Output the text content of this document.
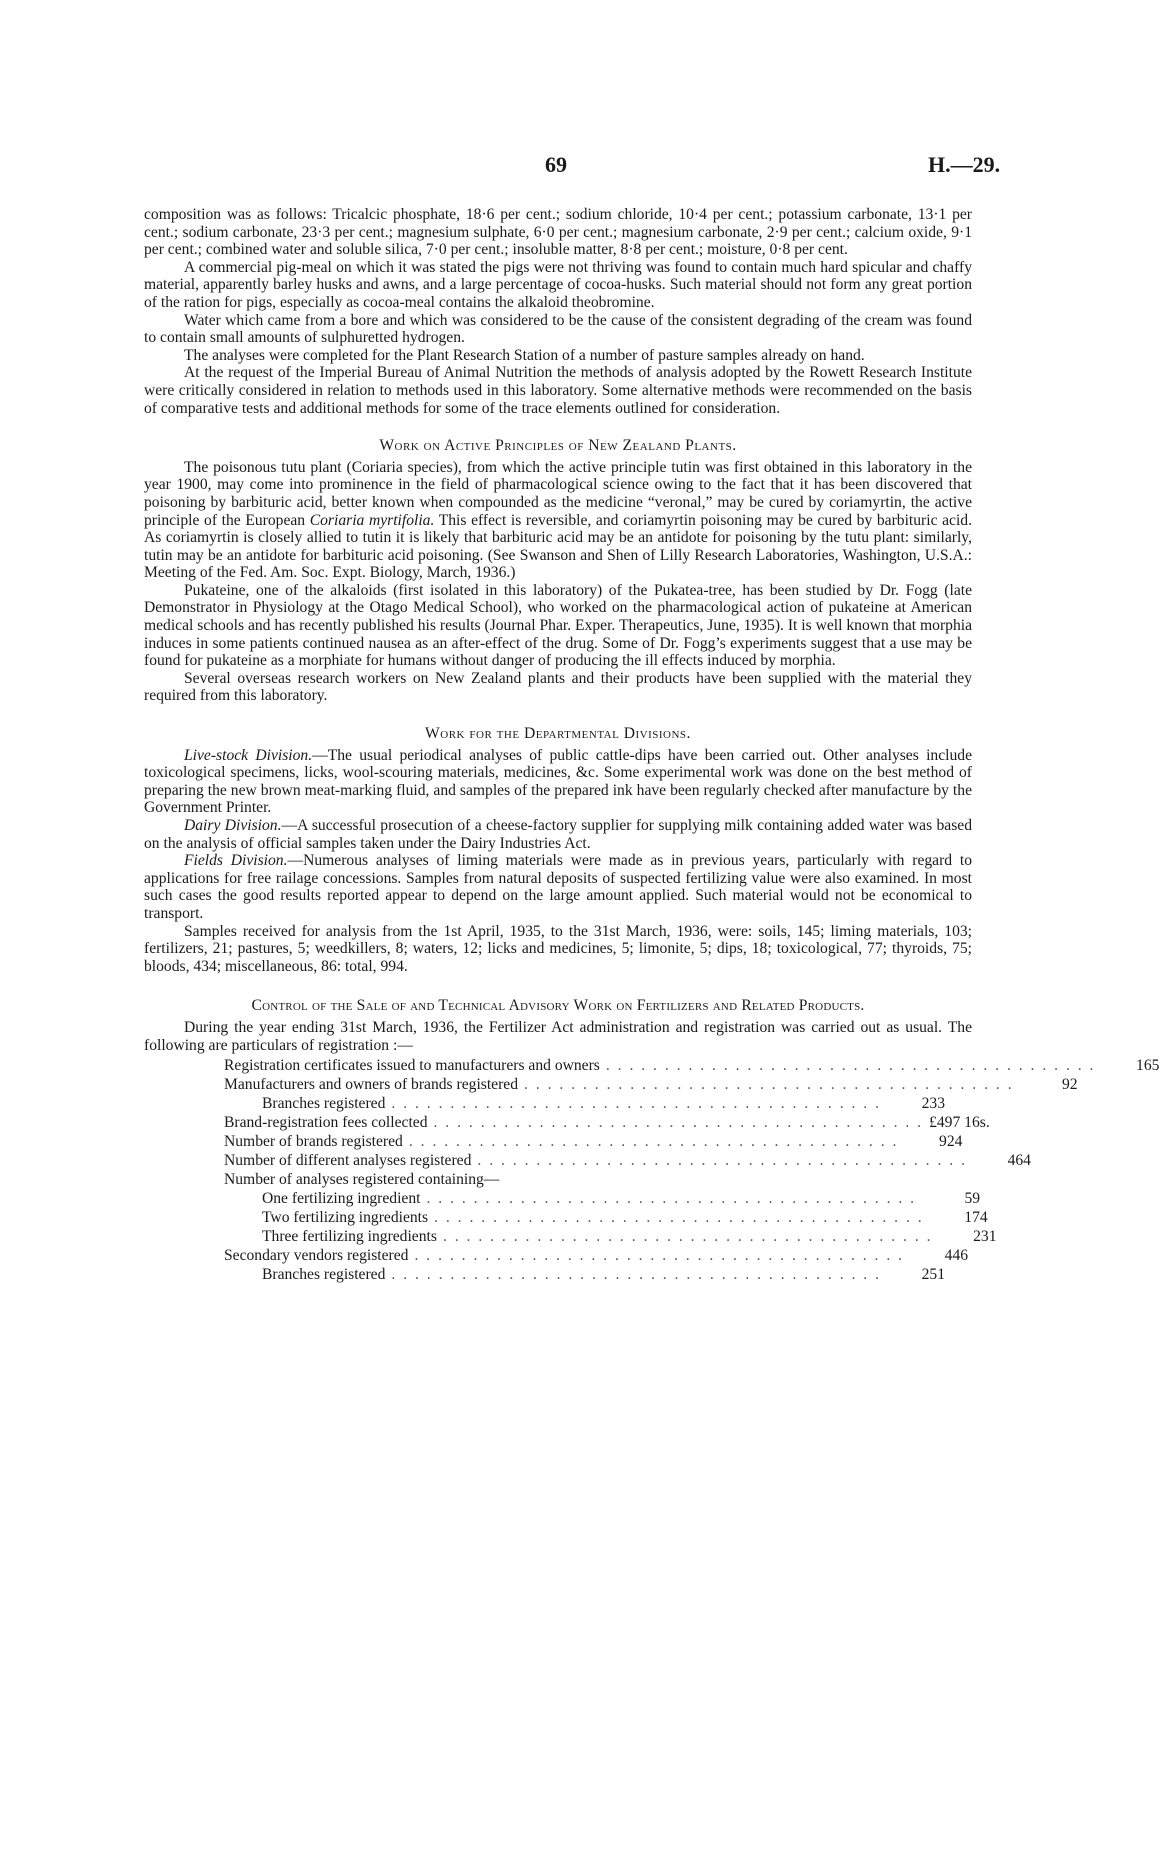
69	H.—29.

composition was as follows: Tricalcic phosphate, 18·6 per cent.; sodium chloride, 10·4 per cent.; potassium carbonate, 13·1 per cent.; sodium carbonate, 23·3 per cent.; magnesium sulphate, 6·0 per cent.; magnesium carbonate, 2·9 per cent.; calcium oxide, 9·1 per cent.; combined water and soluble silica, 7·0 per cent.; insoluble matter, 8·8 per cent.; moisture, 0·8 per cent.

A commercial pig-meal on which it was stated the pigs were not thriving was found to contain much hard spicular and chaffy material, apparently barley husks and awns, and a large percentage of cocoa-husks. Such material should not form any great portion of the ration for pigs, especially as cocoa-meal contains the alkaloid theobromine.

Water which came from a bore and which was considered to be the cause of the consistent degrading of the cream was found to contain small amounts of sulphuretted hydrogen.

The analyses were completed for the Plant Research Station of a number of pasture samples already on hand.

At the request of the Imperial Bureau of Animal Nutrition the methods of analysis adopted by the Rowett Research Institute were critically considered in relation to methods used in this laboratory. Some alternative methods were recommended on the basis of comparative tests and additional methods for some of the trace elements outlined for consideration.

Work on Active Principles of New Zealand Plants.

The poisonous tutu plant (Coriaria species), from which the active principle tutin was first obtained in this laboratory in the year 1900, may come into prominence in the field of pharmacological science owing to the fact that it has been discovered that poisoning by barbituric acid, better known when compounded as the medicine “veronal,” may be cured by coriamyrtin, the active principle of the European Coriaria myrtifolia. This effect is reversible, and coriamyrtin poisoning may be cured by barbituric acid. As coriamyrtin is closely allied to tutin it is likely that barbituric acid may be an antidote for poisoning by the tutu plant: similarly, tutin may be an antidote for barbituric acid poisoning. (See Swanson and Shen of Lilly Research Laboratories, Washington, U.S.A.: Meeting of the Fed. Am. Soc. Expt. Biology, March, 1936.)

Pukateine, one of the alkaloids (first isolated in this laboratory) of the Pukatea-tree, has been studied by Dr. Fogg (late Demonstrator in Physiology at the Otago Medical School), who worked on the pharmacological action of pukateine at American medical schools and has recently published his results (Journal Phar. Exper. Therapeutics, June, 1935). It is well known that morphia induces in some patients continued nausea as an after-effect of the drug. Some of Dr. Fogg’s experiments suggest that a use may be found for pukateine as a morphiate for humans without danger of producing the ill effects induced by morphia.

Several overseas research workers on New Zealand plants and their products have been supplied with the material they required from this laboratory.

Work for the Departmental Divisions.

Live-stock Division.—The usual periodical analyses of public cattle-dips have been carried out. Other analyses include toxicological specimens, licks, wool-scouring materials, medicines, &c. Some experimental work was done on the best method of preparing the new brown meat-marking fluid, and samples of the prepared ink have been regularly checked after manufacture by the Government Printer.

Dairy Division.—A successful prosecution of a cheese-factory supplier for supplying milk containing added water was based on the analysis of official samples taken under the Dairy Industries Act.

Fields Division.—Numerous analyses of liming materials were made as in previous years, particularly with regard to applications for free railage concessions. Samples from natural deposits of suspected fertilizing value were also examined. In most such cases the good results reported appear to depend on the large amount applied. Such material would not be economical to transport.

Samples received for analysis from the 1st April, 1935, to the 31st March, 1936, were: soils, 145; liming materials, 103; fertilizers, 21; pastures, 5; weedkillers, 8; waters, 12; licks and medicines, 5; limonite, 5; dips, 18; toxicological, 77; thyroids, 75; bloods, 434; miscellaneous, 86: total, 994.

Control of the Sale of and Technical Advisory Work on Fertilizers and Related Products.

During the year ending 31st March, 1936, the Fertilizer Act administration and registration was carried out as usual. The following are particulars of registration :—

Registration certificates issued to manufacturers and owners . . . . . . . . . . . . . . . . . . . . . . . . . . . . . . . . . . . . . . . . . .	165
Manufacturers and owners of brands registered . . . . . . . . . . . . . . . . . . . . . . . . . . . . . . . . . . . . . . . . . .	92
Branches registered . . . . . . . . . . . . . . . . . . . . . . . . . . . . . . . . . . . . . . . . . .	233
Brand-registration fees collected . . . . . . . . . . . . . . . . . . . . . . . . . . . . . . . . . . . . . . . . . . £497 16s.
Number of brands registered . . . . . . . . . . . . . . . . . . . . . . . . . . . . . . . . . . . . . . . . . .	924
Number of different analyses registered . . . . . . . . . . . . . . . . . . . . . . . . . . . . . . . . . . . . . . . . . .	464
Number of analyses registered containing—
One fertilizing ingredient . . . . . . . . . . . . . . . . . . . . . . . . . . . . . . . . . . . . . . . . . .	59
Two fertilizing ingredients . . . . . . . . . . . . . . . . . . . . . . . . . . . . . . . . . . . . . . . . . .	174
Three fertilizing ingredients . . . . . . . . . . . . . . . . . . . . . . . . . . . . . . . . . . . . . . . . . .	231
Secondary vendors registered . . . . . . . . . . . . . . . . . . . . . . . . . . . . . . . . . . . . . . . . . .	446
Branches registered . . . . . . . . . . . . . . . . . . . . . . . . . . . . . . . . . . . . . . . . . .	251
